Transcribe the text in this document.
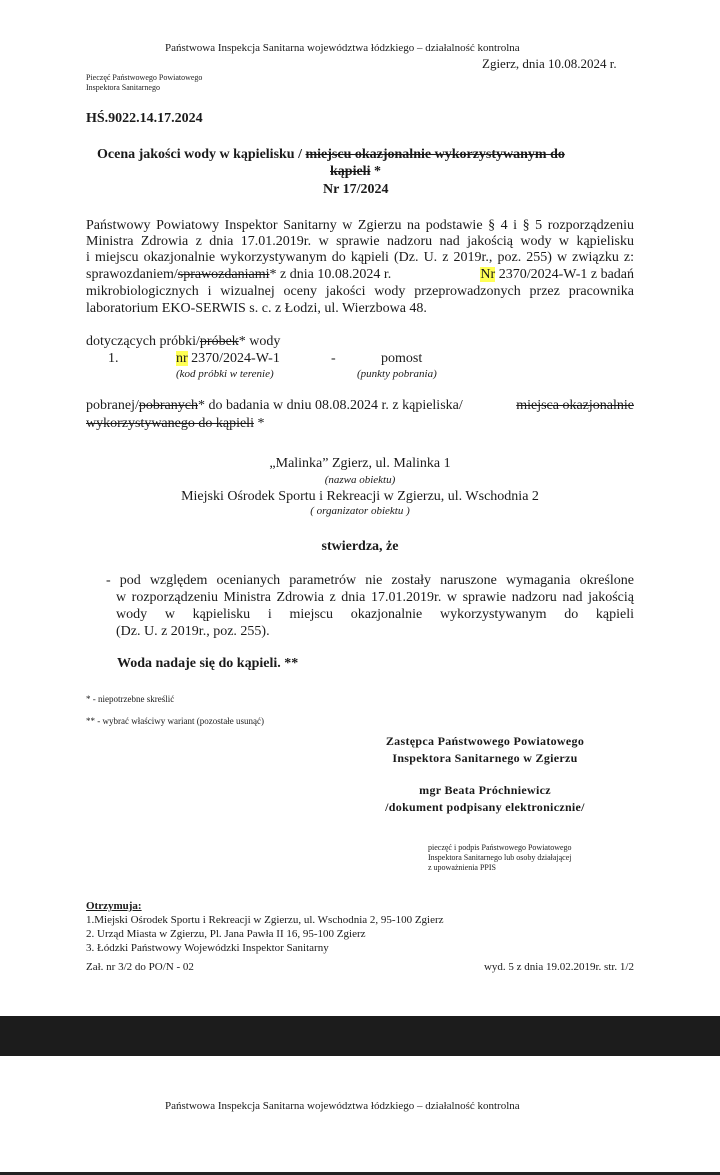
Państwowa Inspekcja Sanitarna województwa łódzkiego – działalność kontrolna
Zgierz, dnia 10.08.2024 r.
Pieczęć Państwowego Powiatowego
Inspektora Sanitarnego
HŚ.9022.14.17.2024
Ocena jakości wody w kąpielisku / miejscu okazjonalnie wykorzystywanym do
kąpieli *
Nr 17/2024
Państwowy Powiatowy Inspektor Sanitarny w Zgierzu na podstawie § 4 i § 5 rozporządzeniu
Ministra Zdrowia z dnia 17.01.2019r. w sprawie nadzoru nad jakością wody w kąpielisku
i miejscu okazjonalnie wykorzystywanym do kąpieli (Dz. U. z 2019r., poz. 255) w związku z:
sprawozdaniem/sprawozdaniami* z dnia 10.08.2024 r.	Nr 2370/2024-W-1 z badań
mikrobiologicznych i wizualnej oceny jakości wody przeprowadzonych przez pracownika
laboratorium EKO-SERWIS s. c. z Łodzi, ul. Wierzbowa 48.
dotyczących próbki/próbek* wody
1.	nr 2370/2024-W-1	-	pomost
(kod próbki w terenie)	(punkty pobrania)
pobranej/pobranych* do badania w dniu 08.08.2024 r. z kąpieliska/	miejsca okazjonalnie
wykorzystywanego do kąpieli *
„Malinka” Zgierz, ul. Malinka 1
(nazwa obiektu)
Miejski Ośrodek Sportu i Rekreacji w Zgierzu, ul. Wschodnia 2
( organizator obiektu )
stwierdza, że
- pod względem ocenianych parametrów nie zostały naruszone wymagania określone
w rozporządzeniu Ministra Zdrowia z dnia 17.01.2019r. w sprawie nadzoru nad jakością
wody w kąpielisku i miejscu okazjonalnie wykorzystywanym do kąpieli
(Dz. U. z 2019r., poz. 255).
Woda nadaje się do kąpieli. **
* - niepotrzebne skreślić
** - wybrać właściwy wariant (pozostałe usunąć)
Zastępca Państwowego Powiatowego
Inspektora Sanitarnego w Zgierzu
mgr Beata Próchniewicz
/dokument podpisany elektronicznie/
pieczęć i podpis Państwowego Powiatowego
Inspektora Sanitarnego lub osoby działającej
z upoważnienia PPIS
Otrzymuja:
1.Miejski Ośrodek Sportu i Rekreacji w Zgierzu, ul. Wschodnia 2, 95-100 Zgierz
2. Urząd Miasta w Zgierzu, Pl. Jana Pawła II 16, 95-100 Zgierz
3. Łódzki Państwowy Wojewódzki Inspektor Sanitarny
Zał. nr 3/2 do PO/N - 02	wyd. 5 z dnia 19.02.2019r. str. 1/2
Państwowa Inspekcja Sanitarna województwa łódzkiego – działalność kontrolna
